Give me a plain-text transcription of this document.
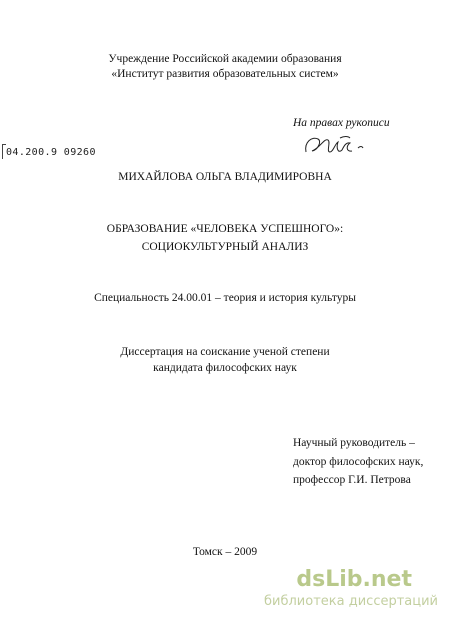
Учреждение Российской академии образования
«Институт развития образовательных систем»
На правах рукописи
04.200.9 09260
МИХАЙЛОВА ОЛЬГА ВЛАДИМИРОВНА
ОБРАЗОВАНИЕ «ЧЕЛОВЕКА УСПЕШНОГО»:
СОЦИОКУЛЬТУРНЫЙ АНАЛИЗ
Специальность 24.00.01 – теория и история культуры
Диссертация на соискание ученой степени
кандидата философских наук
Научный руководитель –
доктор философских наук,
профессор Г.И. Петрова
Томск – 2009
dsLib.net
библиотека диссертаций
